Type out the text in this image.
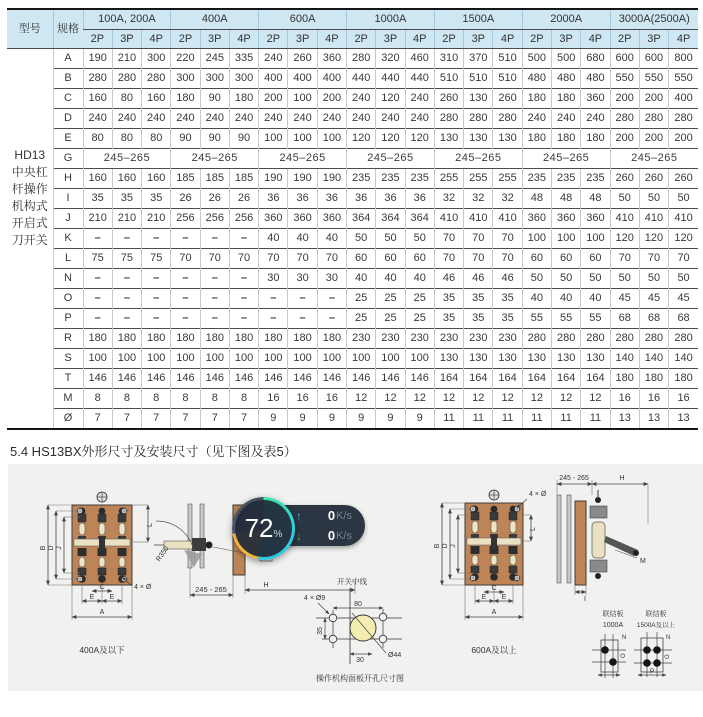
型号	规格	100A, 200A			400A			600A			1000A			1500A			2000A			3000A(2500A)		
		2P	3P	4P	2P	3P	4P	2P	3P	4P	2P	3P	4P	2P	3P	4P	2P	3P	4P	2P	3P	4P

HD13
中央杠
杆操作
机构式
开启式
刀开关
	A	190	210	300	220	245	335	240	260	360	280	320	460	310	370	510	500	500	680	600	600	800
	B	280	280	280	300	300	300	400	400	400	440	440	440	510	510	510	480	480	480	550	550	550
	C	160	80	160	180	90	180	200	100	200	240	120	240	260	130	260	180	180	360	200	200	400
	D	240	240	240	240	240	240	240	240	240	240	240	240	280	280	280	240	240	240	280	280	280
	E	80	80	80	90	90	90	100	100	100	120	120	120	130	130	130	180	180	180	200	200	200
	G	245–265			245–265			245–265			245–265			245–265			245–265			245–265		
	H	160	160	160	185	185	185	190	190	190	235	235	235	255	255	255	235	235	235	260	260	260
	I	35	35	35	26	26	26	36	36	36	36	36	36	32	32	32	48	48	48	50	50	50
	J	210	210	210	256	256	256	360	360	360	364	364	364	410	410	410	360	360	360	410	410	410
	K	–	–	–	–	–	–	40	40	40	50	50	50	70	70	70	100	100	100	120	120	120
	L	75	75	75	70	70	70	70	70	70	60	60	60	70	70	70	60	60	60	70	70	70
	N	–	–	–	–	–	–	30	30	30	40	40	40	46	46	46	50	50	50	50	50	50
	O	–	–	–	–	–	–	–	–	–	25	25	25	35	35	35	40	40	40	45	45	45
	P	–	–	–	–	–	–	–	–	–	25	25	25	35	35	35	55	55	55	68	68	68
	R	180	180	180	180	180	180	180	180	180	230	230	230	230	230	230	280	280	280	280	280	280
	S	100	100	100	100	100	100	100	100	100	100	100	100	130	130	130	130	130	130	140	140	140
	T	146	146	146	146	146	146	146	146	146	146	146	146	164	164	164	164	164	164	180	180	180
	M	8	8	8	8	8	8	16	16	16	12	12	12	12	12	12	12	12	12	16	16	16
	Ø	7	7	7	7	7	7	9	9	9	9	9	9	11	11	11	11	11	11	13	13	13
5.4 HS13BX外形尺寸及安装尺寸（见下图及表5）
B D J
L
C
E E
A
4 × Ø
400A及以下
R350
245 - 265	H	开关中线
Ø44
80
35
30
4 × Ø9
操作机构面板开孔尺寸图
B D J
L
4 × Ø
C
E E
A
600A及以上
245 - 265	H
M
I
联结板
1000A
N
O
联结板
1500A及以上
N
O
P
↑	0 K/s
↓	0 K/s
72 %
